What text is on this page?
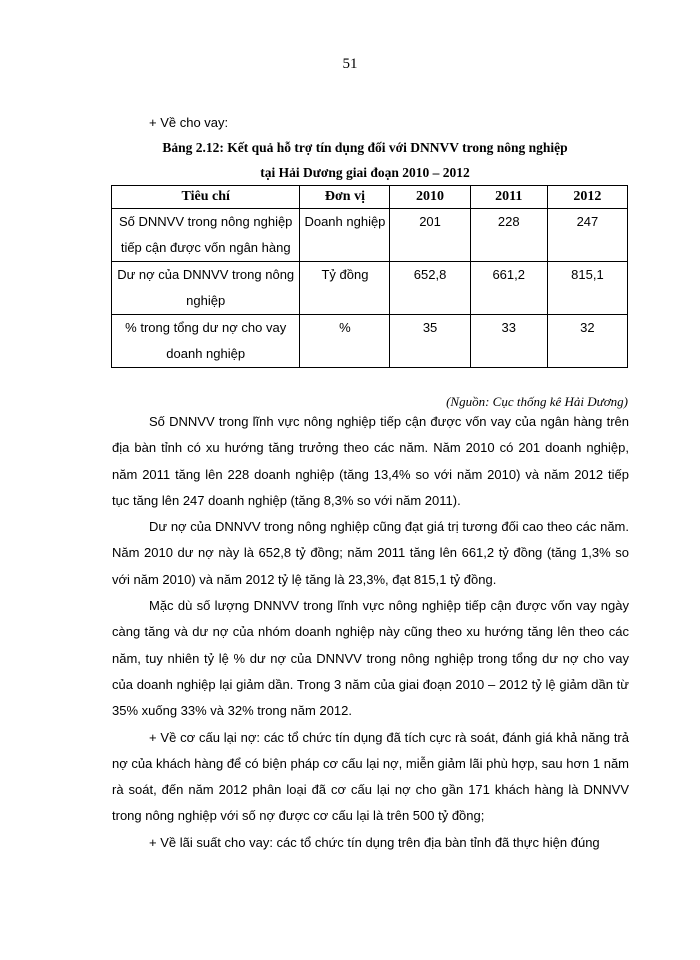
51
+ Về cho vay:
Bảng 2.12: Kết quả hỗ trợ tín dụng đối với DNNVV trong nông nghiệp
tại Hải Dương giai đoạn 2010 – 2012
Tiêu chí	Đơn vị	2010	2011	2012
Số DNNVV trong nông nghiệp tiếp cận được vốn ngân hàng	Doanh nghiệp	201	228	247
Dư nợ của DNNVV trong nông nghiệp	Tỷ đồng	652,8	661,2	815,1
% trong tổng dư nợ cho vay doanh nghiệp	%	35	33	32
(Nguồn: Cục thống kê Hải Dương)

Số DNNVV trong lĩnh vực nông nghiệp tiếp cận được vốn vay của ngân hàng trên địa bàn tỉnh có xu hướng tăng trưởng theo các năm. Năm 2010 có 201 doanh nghiệp, năm 2011 tăng lên 228 doanh nghiệp (tăng 13,4% so với năm 2010) và năm 2012 tiếp tục tăng lên 247 doanh nghiệp (tăng 8,3% so với năm 2011).

Dư nợ của DNNVV trong nông nghiệp cũng đạt giá trị tương đối cao theo các năm. Năm 2010 dư nợ này là 652,8 tỷ đồng; năm 2011 tăng lên 661,2 tỷ đồng (tăng 1,3% so với năm 2010) và năm 2012 tỷ lệ tăng là 23,3%, đạt 815,1 tỷ đồng.

Mặc dù số lượng DNNVV trong lĩnh vực nông nghiệp tiếp cận được vốn vay ngày càng tăng và dư nợ của nhóm doanh nghiệp này cũng theo xu hướng tăng lên theo các năm, tuy nhiên tỷ lệ % dư nợ của DNNVV trong nông nghiệp trong tổng dư nợ cho vay của doanh nghiệp lại giảm dần. Trong 3 năm của giai đoạn 2010 – 2012 tỷ lệ giảm dần từ 35% xuống 33% và 32% trong năm 2012.

+ Về cơ cấu lại nợ: các tổ chức tín dụng đã tích cực rà soát, đánh giá khả năng trả nợ của khách hàng để có biện pháp cơ cấu lại nợ, miễn giảm lãi phù hợp, sau hơn 1 năm rà soát, đến năm 2012 phân loại đã cơ cấu lại nợ cho gần 171 khách hàng là DNNVV trong nông nghiệp với số nợ được cơ cấu lại là trên 500 tỷ đồng;

+ Về lãi suất cho vay: các tổ chức tín dụng trên địa bàn tỉnh đã thực hiện đúng
